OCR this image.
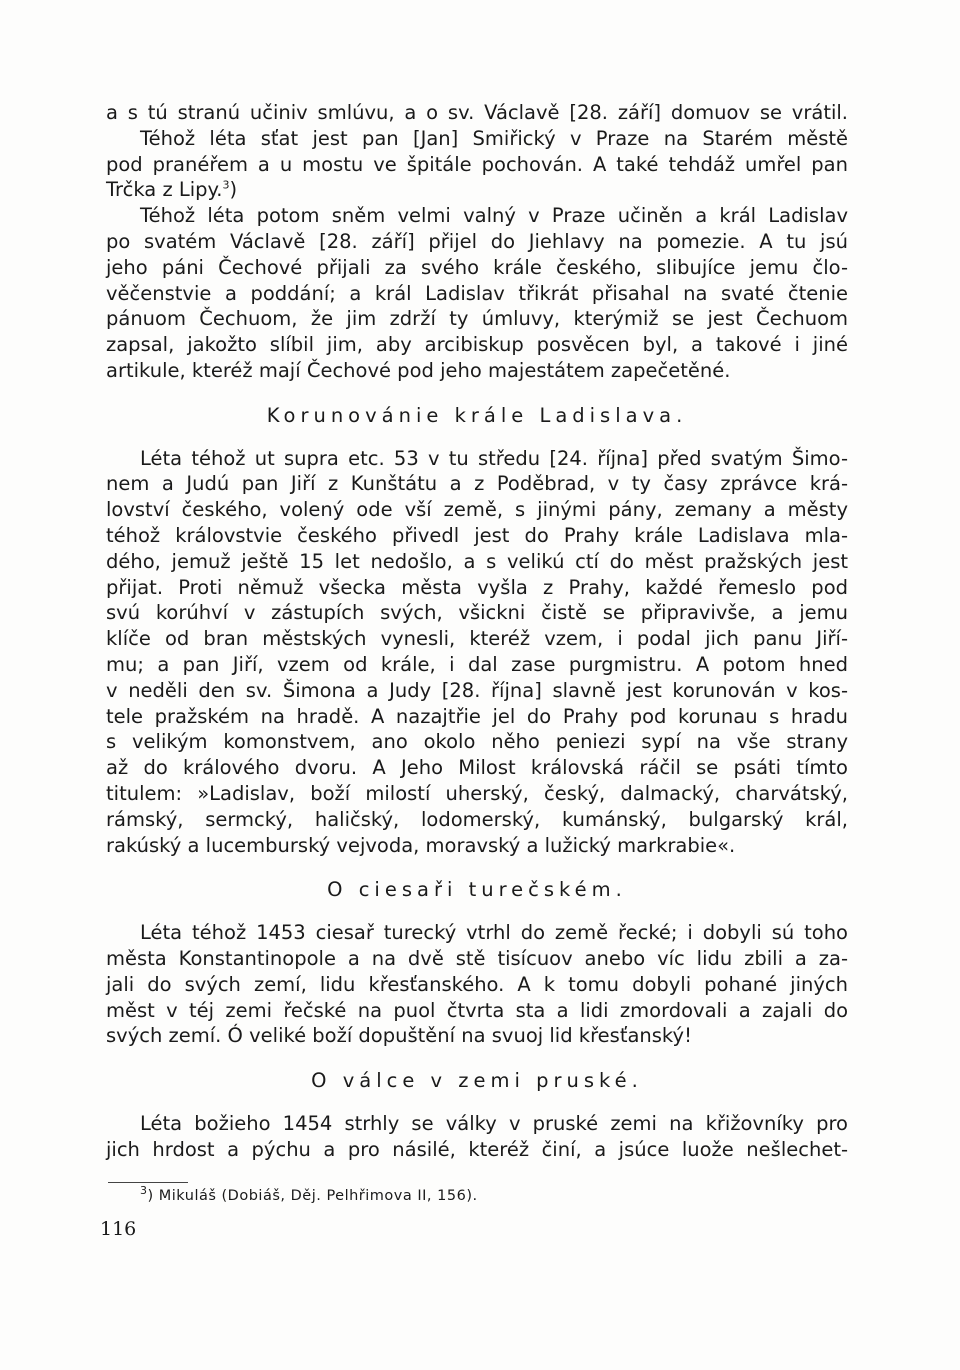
a s tú stranú učiniv smlúvu, a o sv. Václavě [28. září] domuov se vrátil.

Téhož léta sťat jest pan [Jan] Smiřický v Praze na Starém městě

pod pranéřem a u mostu ve špitále pochován. A také tehdáž umřel pan

Trčka z Lipy.$^3$)

Téhož léta potom sněm velmi valný v Praze učiněn a král Ladislav

po svatém Václavě [28. září] přijel do Jiehlavy na pomezie. A tu jsú

jeho páni Čechové přijali za svého krále českého, slibujíce jemu člo-

věčenstvie a poddání; a král Ladislav třikrát přisahal na svaté čtenie

pánuom Čechuom, že jim zdrží ty úmluvy, kterýmiž se jest Čechuom

zapsal, jakožto slíbil jim, aby arcibiskup posvěcen byl, a takové i jiné

artikule, kteréž mají Čechové pod jeho majestátem zapečetěné.

Korunovánie krále Ladislava.

Léta téhož ut supra etc. 53 v tu středu [24. října] před svatým Šimo-

nem a Judú pan Jiří z Kunštátu a z Poděbrad, v ty časy zprávce krá-

lovství českého, volený ode vší země, s jinými pány, zemany a městy

téhož královstvie českého přivedl jest do Prahy krále Ladislava mla-

dého, jemuž ještě 15 let nedošlo, a s velikú ctí do měst pražských jest

přijat. Proti němuž všecka města vyšla z Prahy, každé řemeslo pod

svú korúhví v zástupích svých, všickni čistě se připravivše, a jemu

klíče od bran městských vynesli, kteréž vzem, i podal jich panu Jiří-

mu; a pan Jiří, vzem od krále, i dal zase purgmistru. A potom hned

v neděli den sv. Šimona a Judy [28. října] slavně jest korunován v kos-

tele pražském na hradě. A nazajtřie jel do Prahy pod korunau s hradu

s velikým komonstvem, ano okolo něho peniezi sypí na vše strany

až do královéhо dvoru. A Jeho Milost královská ráčil se psáti tímto

titulem: »Ladislav, boží milostí uherský, český, dalmacký, charvátský,

rámský, sermcký, haličský, lodomerský, kumánský, bulgarský král,

rakúský a lucemburský vejvoda, moravský a lužický markrabie«.

O ciesaři turečském.

Léta téhož 1453 ciesař turecký vtrhl do země řecké; i dobyli sú toho

města Konstantinopole a na dvě stě tisícuov anebo víc lidu zbili a za-

jali do svých zemí, lidu křesťanského. A k tomu dobyli pohané jiných

měst v téj zemi řečské na puol čtvrta sta a lidi zmordovali a zajali do

svých zemí. Ó veliké boží dopuštění na svuoj lid křesťanský!

O válce v zemi pruské.

Léta božieho 1454 strhly se války v pruské zemi na křižovníky pro

jich hrdost a pýchu a pro násilé, kteréž činí, a jsúce luože nešlechet-

$^3$) Mikuláš (Dobiáš, Děj. Pelhřimova II, 156).
116
